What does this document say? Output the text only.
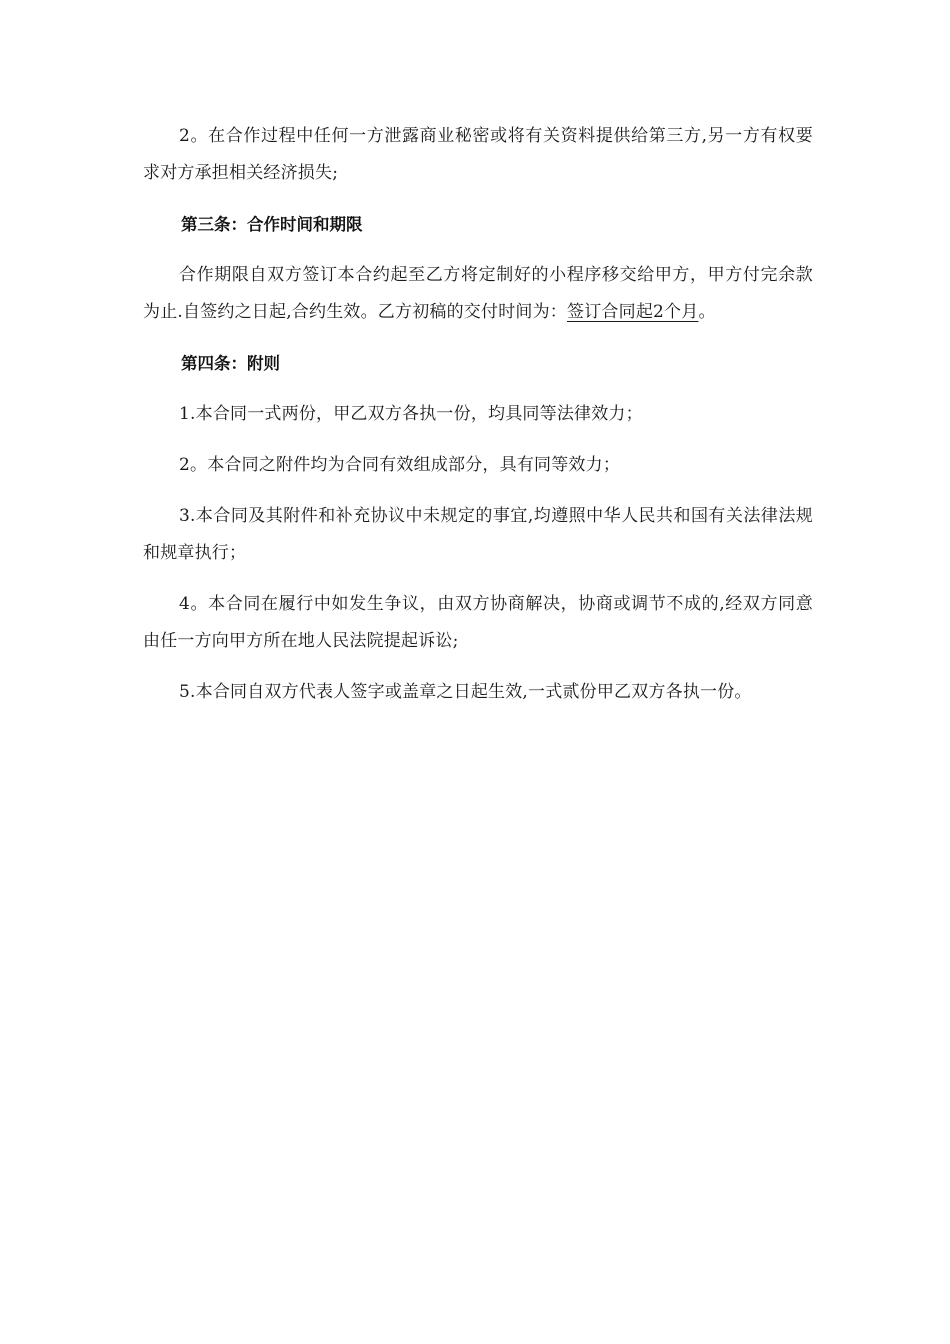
2。在合作过程中任何一方泄露商业秘密或将有关资料提供给第三方,另一方有权要求对方承担相关经济损失;

第三条：合作时间和期限

合作期限自双方签订本合约起至乙方将定制好的小程序移交给甲方，甲方付完余款为止.自签约之日起,合约生效。乙方初稿的交付时间为：签订合同起2个月。

第四条：附则

1.本合同一式两份，甲乙双方各执一份，均具同等法律效力；

2。本合同之附件均为合同有效组成部分，具有同等效力；

3.本合同及其附件和补充协议中未规定的事宜,均遵照中华人民共和国有关法律法规和规章执行；

4。本合同在履行中如发生争议，由双方协商解决，协商或调节不成的,经双方同意由任一方向甲方所在地人民法院提起诉讼;

5.本合同自双方代表人签字或盖章之日起生效,一式贰份甲乙双方各执一份。
